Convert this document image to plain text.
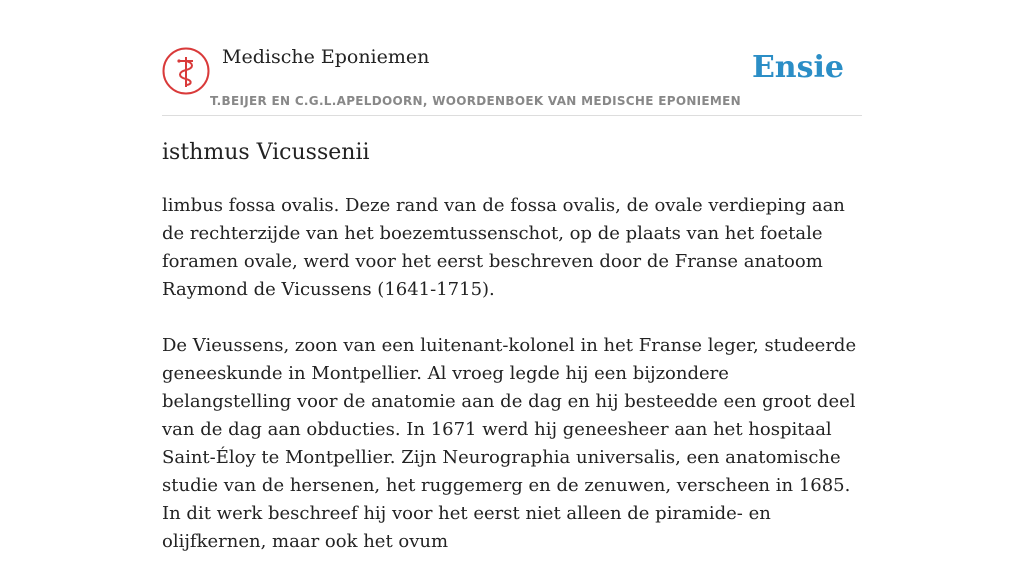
Medische Eponiemen
T.BEIJER EN C.G.L.APELDOORN, WOORDENBOEK VAN MEDISCHE EPONIEMEN
Ensie
isthmus Vicussenii

limbus fossa ovalis. Deze rand van de fossa ovalis, de ovale verdieping aan de rechterzijde van het boezemtussenschot, op de plaats van het foetale foramen ovale, werd voor het eerst beschreven door de Franse anatoom Raymond de Vicussens (1641-1715).

De Vieussens, zoon van een luitenant-kolonel in het Franse leger, studeerde geneeskunde in Montpellier. Al vroeg legde hij een bijzondere belangstelling voor de anatomie aan de dag en hij besteedde een groot deel van de dag aan obducties. In 1671 werd hij geneesheer aan het hospitaal Saint-Éloy te Montpellier. Zijn Neurographia universalis, een anatomische studie van de hersenen, het ruggemerg en de zenuwen, verscheen in 1685. In dit werk beschreef hij voor het eerst niet alleen de piramide- en olijfkernen, maar ook het ovum
